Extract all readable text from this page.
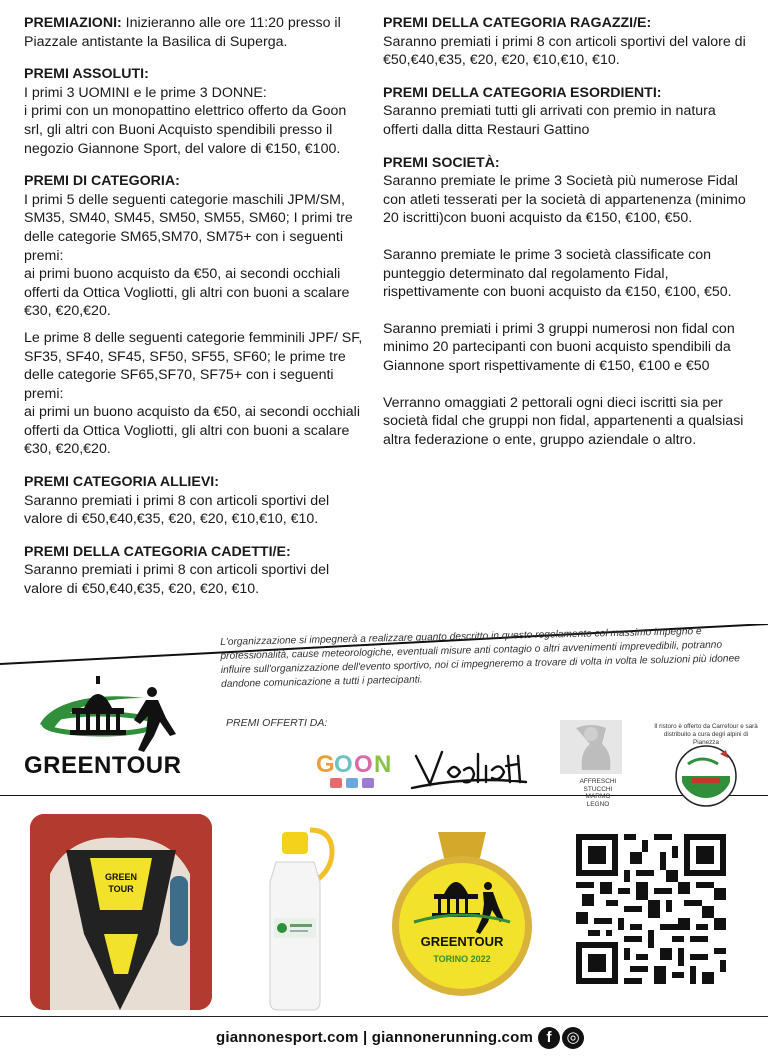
PREMIAZIONI: Inizieranno alle ore 11:20 presso il Piazzale antistante la Basilica di Superga.

PREMI ASSOLUTI:

I primi 3 UOMINI e le prime 3 DONNE:
i primi con un monopattino elettrico offerto da Goon srl, gli altri con Buoni Acquisto spendibili presso il negozio Giannone Sport, del valore di €150, €100.

PREMI DI CATEGORIA:

I primi 5 delle seguenti categorie maschili JPM/SM, SM35, SM40, SM45, SM50, SM55, SM60; I primi tre delle categorie SM65,SM70, SM75+ con i seguenti premi:
ai primi buono acquisto da €50, ai secondi occhiali offerti da Ottica Vogliotti, gli altri con buoni a scalare €30, €20,€20.

Le prime 8 delle seguenti categorie femminili JPF/ SF, SF35, SF40, SF45, SF50, SF55, SF60; le prime tre delle categorie SF65,SF70, SF75+ con i seguenti premi:
ai primi un buono acquisto da €50, ai secondi occhiali offerti da Ottica Vogliotti, gli altri con buoni a scalare €30, €20,€20.

PREMI CATEGORIA ALLIEVI:

Saranno premiati i primi 8 con articoli sportivi del valore di €50,€40,€35, €20, €20, €10,€10, €10.

PREMI DELLA CATEGORIA CADETTI/E:

Saranno premiati i primi 8 con articoli sportivi del valore di €50,€40,€35, €20, €20, €10.

PREMI DELLA CATEGORIA RAGAZZI/E:

Saranno premiati i primi 8 con articoli sportivi del valore di €50,€40,€35, €20, €20, €10,€10, €10.

PREMI DELLA CATEGORIA ESORDIENTI:

Saranno premiati tutti gli arrivati con premio in natura offerti dalla ditta Restauri Gattino

PREMI SOCIETÀ:

Saranno premiate le prime 3 Società più numerose Fidal con atleti tesserati per la società di appartenenza (minimo 20 iscritti)con buoni acquisto da €150, €100, €50.

Saranno premiate le prime 3 società classificate con punteggio determinato dal regolamento Fidal, rispettivamente con buoni acquisto da €150, €100, €50.

Saranno premiati i primi 3 gruppi numerosi non fidal con minimo 20 partecipanti con buoni acquisto spendibili da Giannone sport rispettivamente di €150, €100 e €50

Verranno omaggiati 2 pettorali ogni dieci iscritti sia per società fidal che gruppi non fidal, appartenenti a qualsiasi altra federazione o ente, gruppo aziendale o altro.

L'organizzazione si impegnerà a realizzare quanto descritto in questo regolamento col massimo impegno e professionalità, cause meteorologiche, eventuali misure anti contagio o altri avvenimenti imprevedibili, potranno influire sull'organizzazione dell'evento sportivo, noi ci impegneremo a trovare di volta in volta le soluzioni più idonee dandone comunicazione a tutti i partecipanti.

GREENTOUR
PREMI OFFERTI DA:
G O O N
AFFRESCHI
STUCCHI
MARMO
LEGNO
Il ristoro è offerto da Carrefour e sarà distribuito a cura degli alpini di Pianezza
GREEN
TOUR
GREENTOUR
TORINO 2022
giannonesport.com | giannonerunning.com f ◎
